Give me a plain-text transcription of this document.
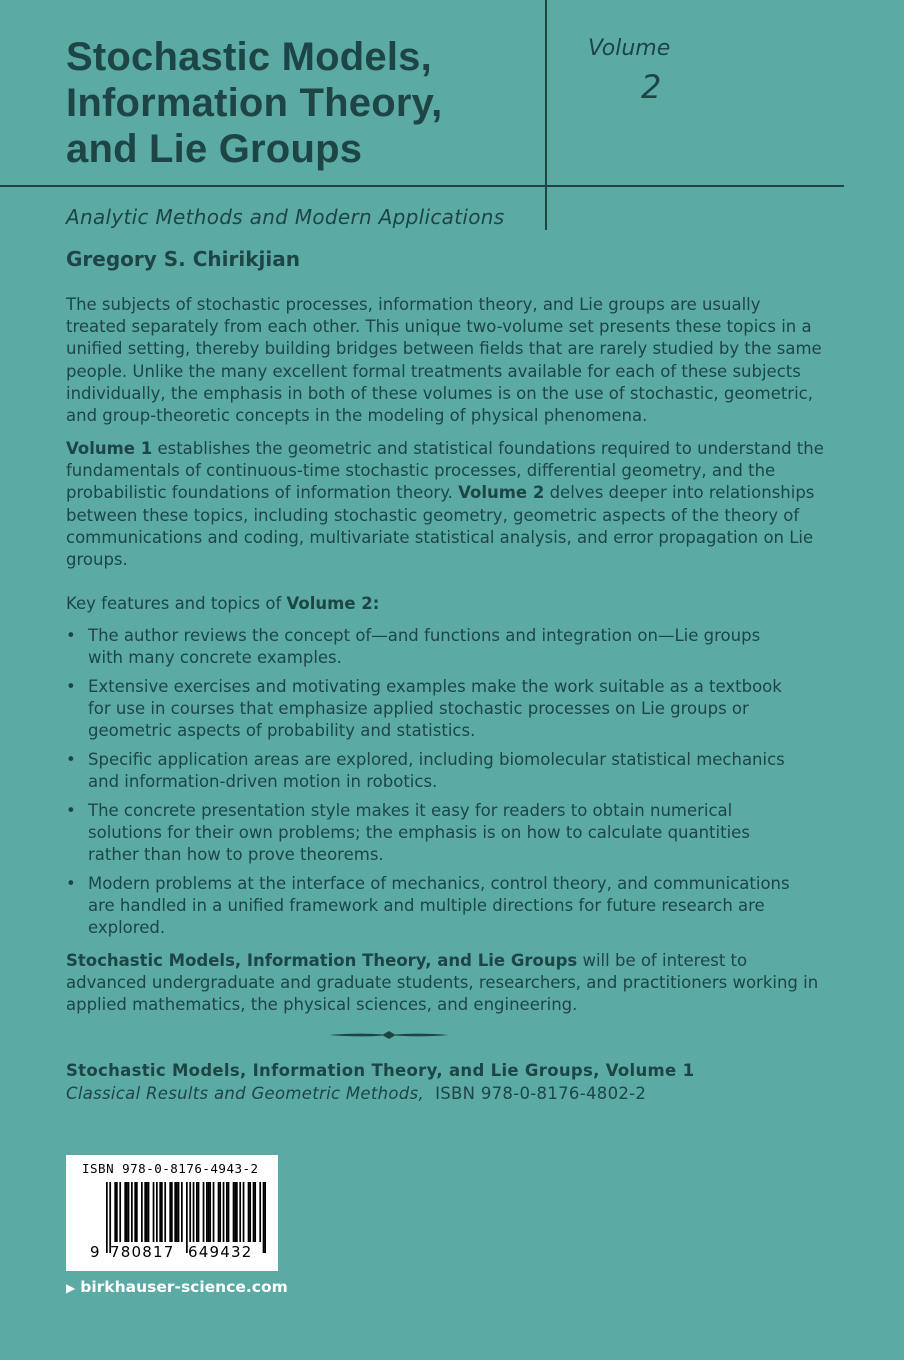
Stochastic Models,
Information Theory,
and Lie Groups
Volume
2
Analytic Methods and Modern Applications
Gregory S. Chirikjian

The subjects of stochastic processes, information theory, and Lie groups are usually treated separately from each other. This unique two-volume set presents these topics in a unified setting, thereby building bridges between fields that are rarely studied by the same people. Unlike the many excellent formal treatments available for each of these subjects individually, the emphasis in both of these volumes is on the use of stochastic, geometric, and group-theoretic concepts in the modeling of physical phenomena.

Volume 1 establishes the geometric and statistical foundations required to understand the fundamentals of continuous-time stochastic processes, differential geometry, and the probabilistic foundations of information theory. Volume 2 delves deeper into relationships between these topics, including stochastic geometry, geometric aspects of the theory of communications and coding, multivariate statistical analysis, and error propagation on Lie groups.

Key features and topics of Volume 2:

• The author reviews the concept of—and functions and integration on—Lie groups with many concrete examples.
• Extensive exercises and motivating examples make the work suitable as a textbook for use in courses that emphasize applied stochastic processes on Lie groups or geometric aspects of probability and statistics.
• Specific application areas are explored, including biomolecular statistical mechanics and information-driven motion in robotics.
• The concrete presentation style makes it easy for readers to obtain numerical solutions for their own problems; the emphasis is on how to calculate quantities rather than how to prove theorems.
• Modern problems at the interface of mechanics, control theory, and communications are handled in a unified framework and multiple directions for future research are explored.

Stochastic Models, Information Theory, and Lie Groups will be of interest to advanced undergraduate and graduate students, researchers, and practitioners working in applied mathematics, the physical sciences, and engineering.

Stochastic Models, Information Theory, and Lie Groups, Volume 1
Classical Results and Geometric Methods, ISBN 978-0-8176-4802-2
ISBN 978-0-8176-4943-2
9 780817 649432
▶ birkhauser-science.com
